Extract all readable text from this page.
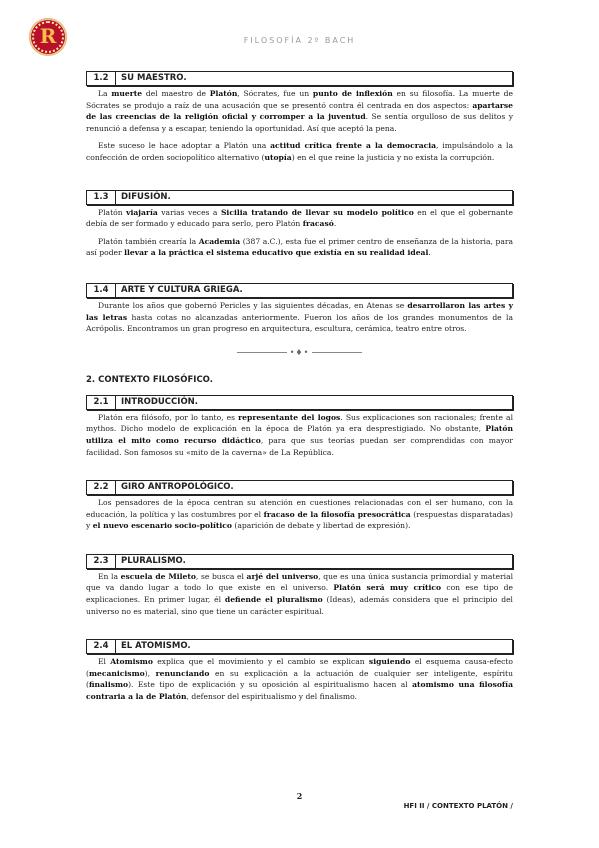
R	FILOSOFÍA 2º BACH
1.2	SU MAESTRO.

La muerte del maestro de Platón, Sócrates, fue un punto de inflexión en su filosofía. La muerte de Sócrates se produjo a raíz de una acusación que se presentó contra él centrada en dos aspectos: apartarse de las creencias de la religión oficial y corromper a la juventud. Se sentía orgulloso de sus delitos y renunció a defensa y a escapar, teniendo la oportunidad. Así que aceptó la pena.

Este suceso le hace adoptar a Platón una actitud crítica frente a la democracia, impulsándolo a la confección de orden sociopolítico alternativo (utopía) en el que reine la justicia y no exista la corrupción.

1.3	DIFUSIÓN.

Platón viajaría varias veces a Sicilia tratando de llevar su modelo político en el que el gobernante debía de ser formado y educado para serlo, pero Platón fracasó.

Platón también crearía la Academia (387 a.C.), esta fue el primer centro de enseñanza de la historia, para así poder llevar a la práctica el sistema educativo que existía en su realidad ideal.

1.4	ARTE Y CULTURA GRIEGA.

Durante los años que gobernó Pericles y las siguientes décadas, en Atenas se desarrollaron las artes y las letras hasta cotas no alcanzadas anteriormente. Fueron los años de los grandes monumentos de la Acrópolis. Encontramos un gran progreso en arquitectura, escultura, cerámica, teatro entre otros.

•♦•
2. CONTEXTO FILOSÓFICO.
2.1	INTRODUCCIÓN.

Platón era filósofo, por lo tanto, es representante del logos. Sus explicaciones son racionales; frente al mythos. Dicho modelo de explicación en la época de Platón ya era desprestigiado. No obstante, Platón utiliza el mito como recurso didáctico, para que sus teorías puedan ser comprendidas con mayor facilidad. Son famosos su «mito de la caverna» de La República.

2.2	GIRO ANTROPOLÓGICO.

Los pensadores de la época centran su atención en cuestiones relacionadas con el ser humano, con la educación, la política y las costumbres por el fracaso de la filosofía presocrática (respuestas disparatadas) y el nuevo escenario socio-político (aparición de debate y libertad de expresión).

2.3	PLURALISMO.

En la escuela de Mileto, se busca el arjé del universo, que es una única sustancia primordial y material que va dando lugar a todo lo que existe en el universo. Platón será muy crítico con ese tipo de explicaciones. En primer lugar, él defiende el pluralismo (Ideas), además considera que el principio del universo no es material, sino que tiene un carácter espiritual.

2.4	EL ATOMISMO.

El Atomismo explica que el movimiento y el cambio se explican siguiendo el esquema causa-efecto (mecanicismo), renunciando en su explicación a la actuación de cualquier ser inteligente, espíritu (finalismo). Este tipo de explicación y su oposición al espiritualismo hacen al atomismo una filosofía contraria a la de Platón, defensor del espiritualismo y del finalismo.

2
HFI II / CONTEXTO PLATÓN /
